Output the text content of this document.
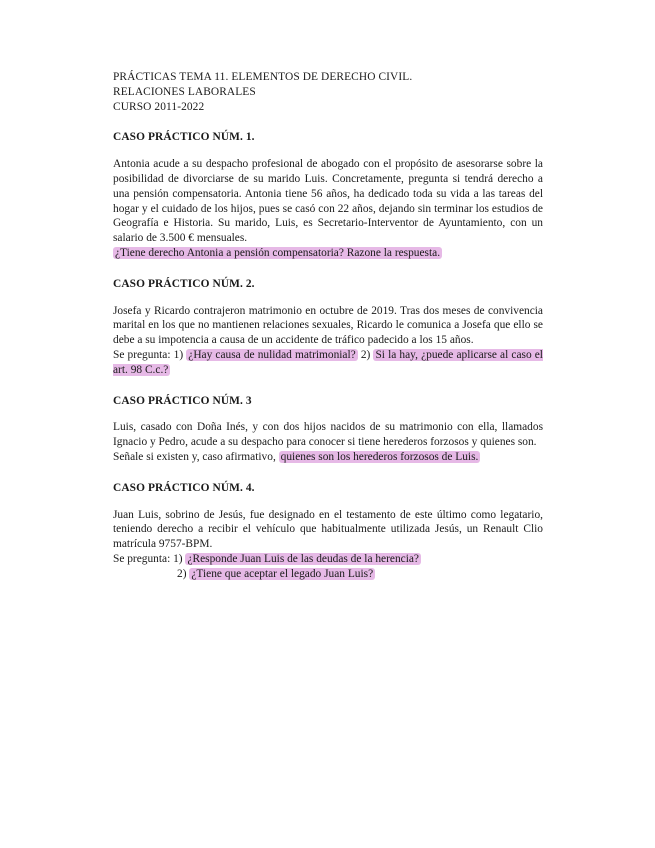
PRÁCTICAS TEMA 11. ELEMENTOS DE DERECHO CIVIL.

RELACIONES LABORALES

CURSO 2011-2022

CASO PRÁCTICO NÚM. 1.

Antonia acude a su despacho profesional de abogado con el propósito de asesorarse sobre la posibilidad de divorciarse de su marido Luis. Concretamente, pregunta si tendrá derecho a una pensión compensatoria. Antonia tiene 56 años, ha dedicado toda su vida a las tareas del hogar y el cuidado de los hijos, pues se casó con 22 años, dejando sin terminar los estudios de Geografía e Historia. Su marido, Luis, es Secretario-Interventor de Ayuntamiento, con un salario de 3.500 € mensuales.

¿Tiene derecho Antonia a pensión compensatoria? Razone la respuesta.

CASO PRÁCTICO NÚM. 2.

Josefa y Ricardo contrajeron matrimonio en octubre de 2019. Tras dos meses de convivencia marital en los que no mantienen relaciones sexuales, Ricardo le comunica a Josefa que ello se debe a su impotencia a causa de un accidente de tráfico padecido a los 15 años.

Se pregunta: 1) ¿Hay causa de nulidad matrimonial? 2) Si la hay, ¿puede aplicarse al caso el art. 98 C.c.?

CASO PRÁCTICO NÚM. 3

Luis, casado con Doña Inés, y con dos hijos nacidos de su matrimonio con ella, llamados Ignacio y Pedro, acude a su despacho para conocer si tiene herederos forzosos y quienes son.

Señale si existen y, caso afirmativo, quienes son los herederos forzosos de Luis.

CASO PRÁCTICO NÚM. 4.

Juan Luis, sobrino de Jesús, fue designado en el testamento de este último como legatario, teniendo derecho a recibir el vehículo que habitualmente utilizada Jesús, un Renault Clio matrícula 9757-BPM.

Se pregunta: 1) ¿Responde Juan Luis de las deudas de la herencia?

2) ¿Tiene que aceptar el legado Juan Luis?
